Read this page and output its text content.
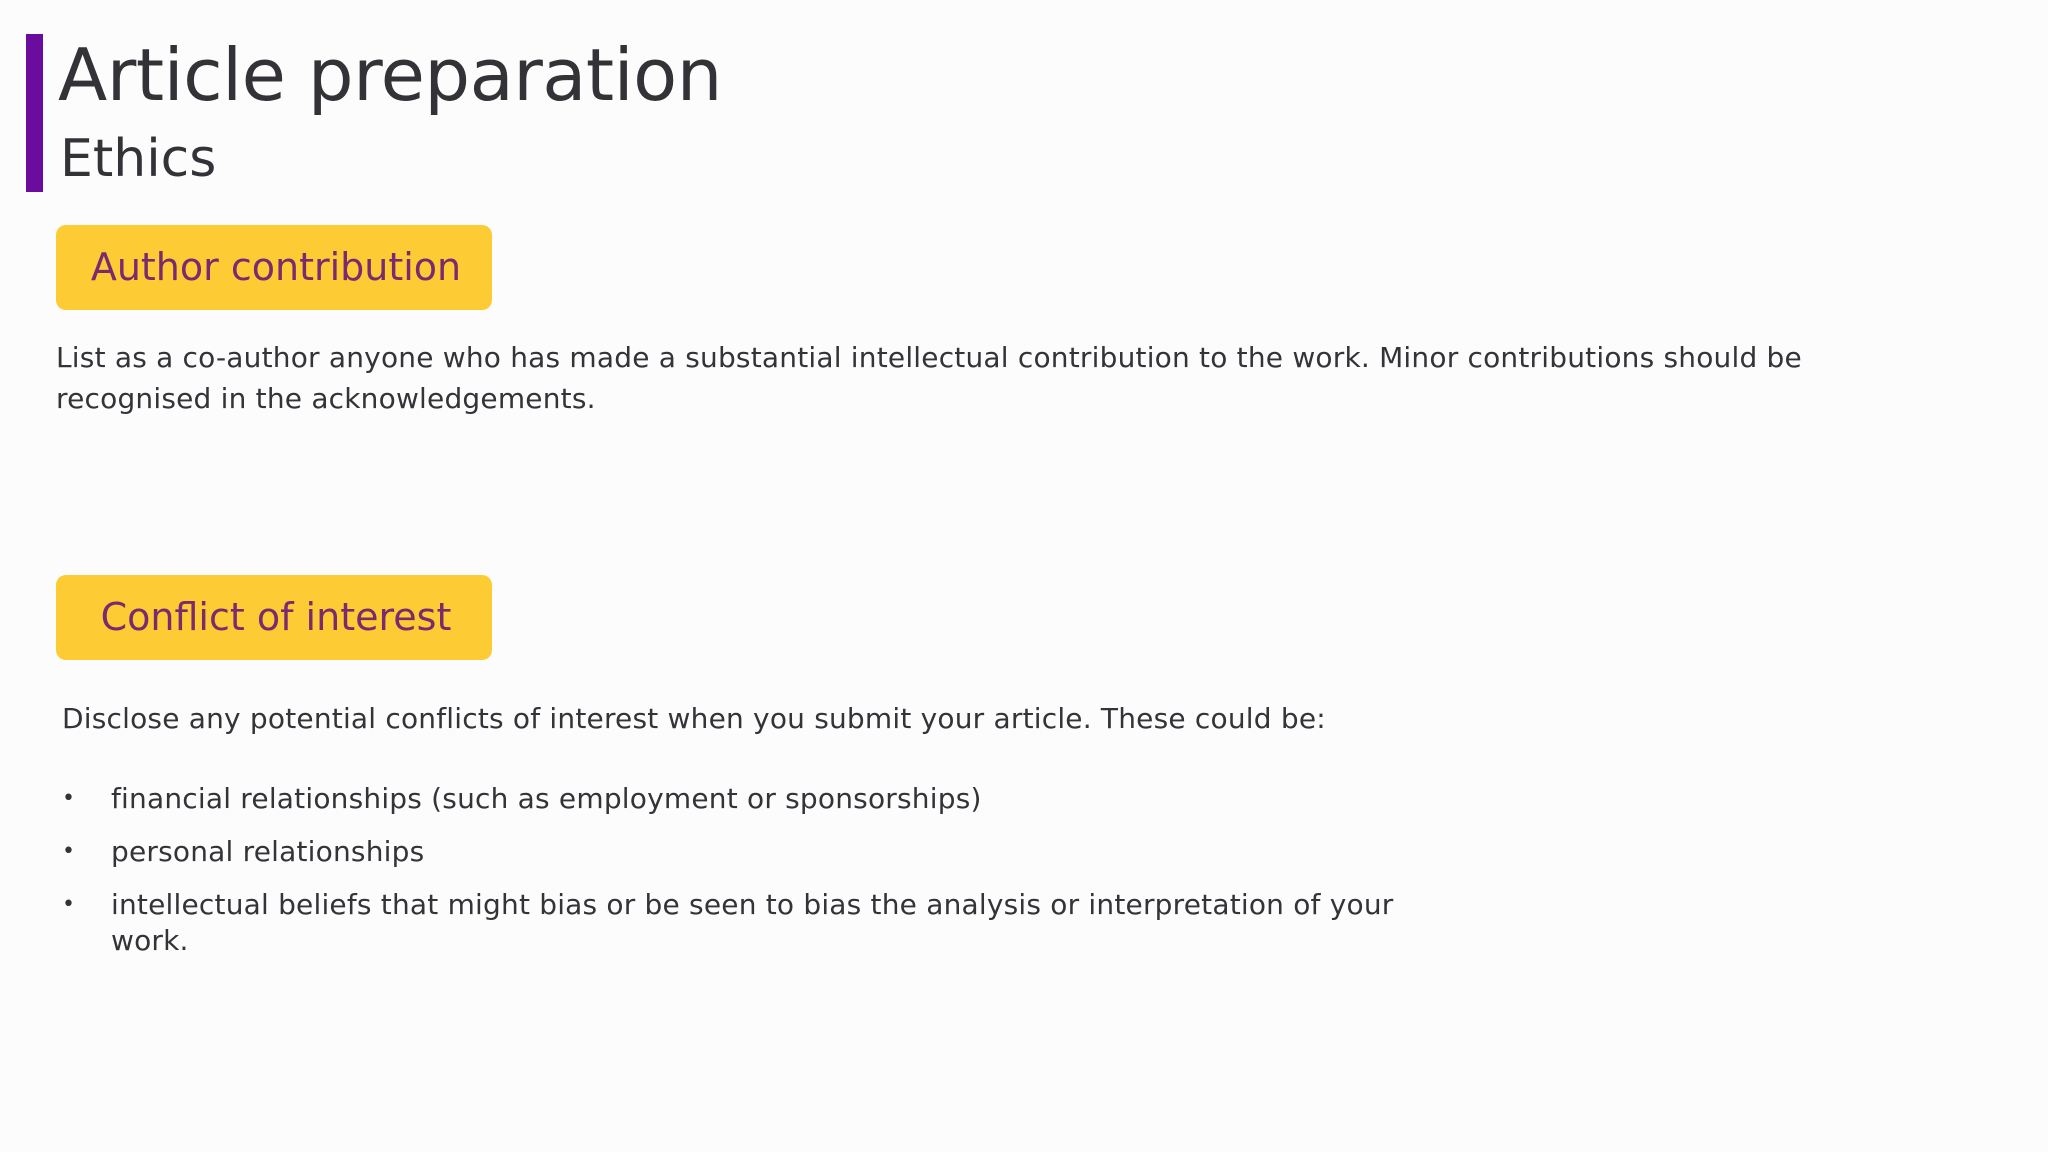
Article preparation
Ethics
Author contribution
List as a co-author anyone who has made a substantial intellectual contribution to the work. Minor contributions should be recognised in the acknowledgements.
Conflict of interest
Disclose any potential conflicts of interest when you submit your article. These could be:
• financial relationships (such as employment or sponsorships)
• personal relationships
• intellectual beliefs that might bias or be seen to bias the analysis or interpretation of your work.
